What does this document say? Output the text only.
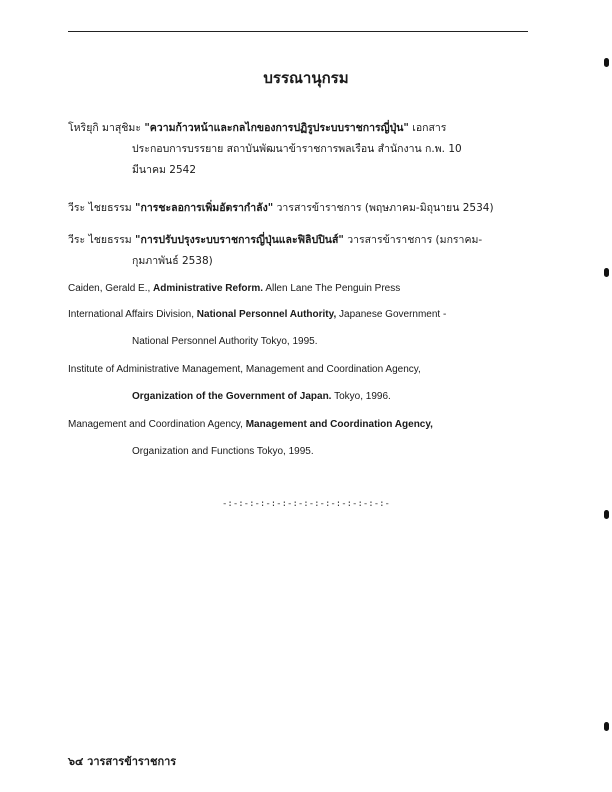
บรรณานุกรม
โหริยุกิ มาสุชิมะ "ความก้าวหน้าและกลไกของการปฏิรูประบบราชการญี่ปุ่น" เอกสาร
ประกอบการบรรยาย สถาบันพัฒนาข้าราชการพลเรือน สำนักงาน ก.พ. 10
มีนาคม 2542
วีระ ไชยธรรม "การชะลอการเพิ่มอัตรากำลัง" วารสารข้าราชการ (พฤษภาคม-มิถุนายน 2534)
วีระ ไชยธรรม "การปรับปรุงระบบราชการญี่ปุ่นและฟิลิปปินส์" วารสารข้าราชการ (มกราคม-
กุมภาพันธ์ 2538)
Caiden, Gerald E., Administrative Reform. Allen Lane The Penguin Press
International Affairs Division, National Personnel Authority, Japanese Government -
National Personnel Authority Tokyo, 1995.
Institute of Administrative Management, Management and Coordination Agency,
Organization of the Government of Japan. Tokyo, 1996.
Management and Coordination Agency, Management and Coordination Agency,
Organization and Functions Tokyo, 1995.
-:-:-:-:-:-:-:-:-:-:-:-:-:-:-:-
๖๔ วารสารข้าราชการ
